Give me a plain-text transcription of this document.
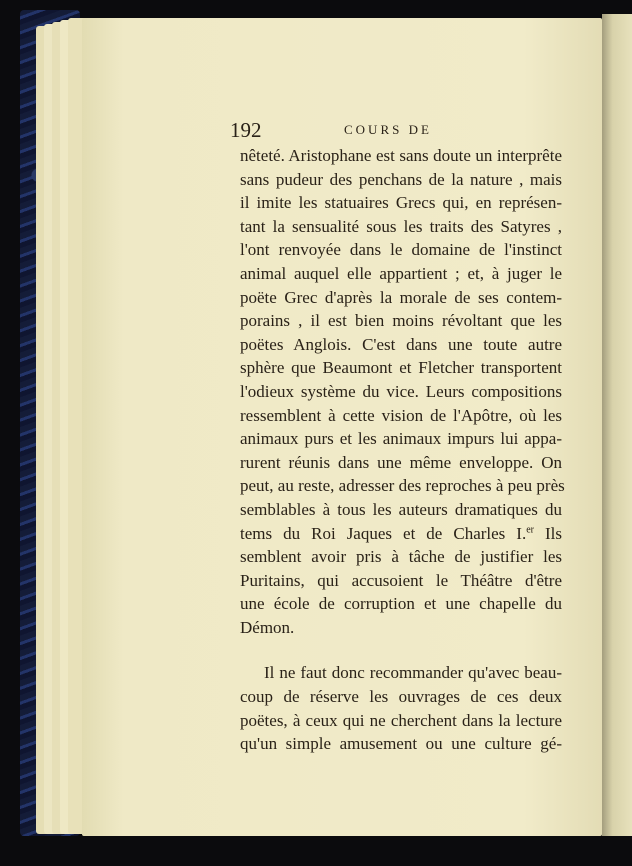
192	COURS DE
nêteté. Aristophane est sans doute un interprête
sans pudeur des penchans de la nature , mais
il imite les statuaires Grecs qui, en représen-
tant la sensualité sous les traits des Satyres ,
l'ont renvoyée dans le domaine de l'instinct
animal auquel elle appartient ; et, à juger le
poëte Grec d'après la morale de ses contem-
porains , il est bien moins révoltant que les
poëtes Anglois. C'est dans une toute autre
sphère que Beaumont et Fletcher transportent
l'odieux système du vice. Leurs compositions
ressemblent à cette vision de l'Apôtre, où les
animaux purs et les animaux impurs lui appa-
rurent réunis dans une même enveloppe. On
peut, au reste, adresser des reproches à peu près
semblables à tous les auteurs dramatiques du
tems du Roi Jaques et de Charles I.$^{er}$ Ils
semblent avoir pris à tâche de justifier les
Puritains, qui accusoient le Théâtre d'être
une école de corruption et une chapelle du
Démon.
Il ne faut donc recommander qu'avec beau-
coup de réserve les ouvrages de ces deux
poëtes, à ceux qui ne cherchent dans la lecture
qu'un simple amusement ou une culture gé-
